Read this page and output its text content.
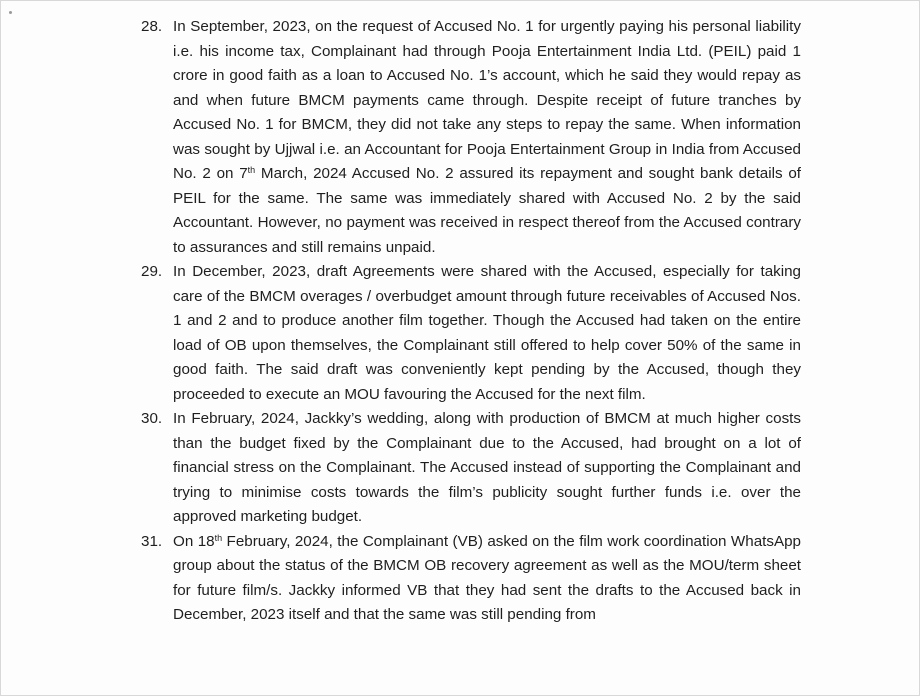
28. In September, 2023, on the request of Accused No. 1 for urgently paying his personal liability i.e. his income tax, Complainant had through Pooja Entertainment India Ltd. (PEIL) paid 1 crore in good faith as a loan to Accused No. 1’s account, which he said they would repay as and when future BMCM payments came through. Despite receipt of future tranches by Accused No. 1 for BMCM, they did not take any steps to repay the same. When information was sought by Ujjwal i.e. an Accountant for Pooja Entertainment Group in India from Accused No. 2 on 7th March, 2024 Accused No. 2 assured its repayment and sought bank details of PEIL for the same. The same was immediately shared with Accused No. 2 by the said Accountant. However, no payment was received in respect thereof from the Accused contrary to assurances and still remains unpaid.
29. In December, 2023, draft Agreements were shared with the Accused, especially for taking care of the BMCM overages / overbudget amount through future receivables of Accused Nos. 1 and 2 and to produce another film together. Though the Accused had taken on the entire load of OB upon themselves, the Complainant still offered to help cover 50% of the same in good faith. The said draft was conveniently kept pending by the Accused, though they proceeded to execute an MOU favouring the Accused for the next film.
30. In February, 2024, Jackky’s wedding, along with production of BMCM at much higher costs than the budget fixed by the Complainant due to the Accused, had brought on a lot of financial stress on the Complainant. The Accused instead of supporting the Complainant and trying to minimise costs towards the film’s publicity sought further funds i.e. over the approved marketing budget.
31. On 18th February, 2024, the Complainant (VB) asked on the film work coordination WhatsApp group about the status of the BMCM OB recovery agreement as well as the MOU/term sheet for future film/s. Jackky informed VB that they had sent the drafts to the Accused back in December, 2023 itself and that the same was still pending from
